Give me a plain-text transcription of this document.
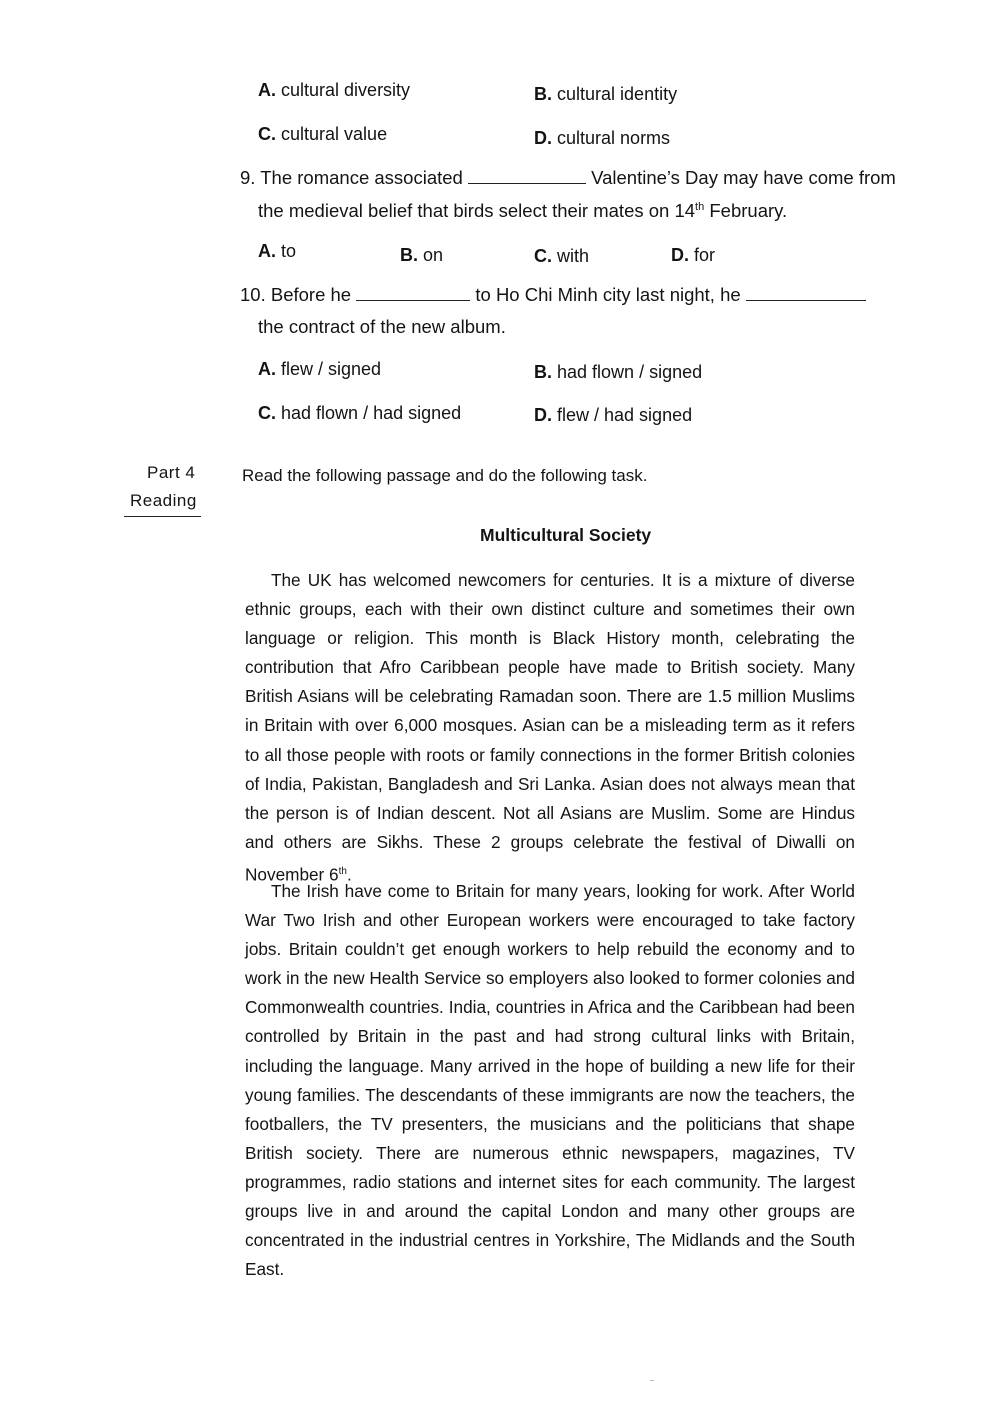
A. cultural diversity	B. cultural identity
C. cultural value	D. cultural norms
9. The romance associated	Valentine’s Day may have come from
the medieval belief that birds select their mates on 14th February.
A. to	B. on	C. with	D. for
10. Before he	to Ho Chi Minh city last night, he
the contract of the new album.
A. flew / signed	B. had flown / signed
C. had flown / had signed	D. flew / had signed
Part 4
Reading
Read the following passage and do the following task.
Multicultural Society
The UK has welcomed newcomers for centuries. It is a mixture of diverse ethnic groups, each with their own distinct culture and sometimes their own language or religion. This month is Black History month, celebrating the contribution that Afro Caribbean people have made to British society. Many British Asians will be celebrating Ramadan soon. There are 1.5 million Muslims in Britain with over 6,000 mosques. Asian can be a misleading term as it refers to all those people with roots or family connections in the former British colonies of India, Pakistan, Bangladesh and Sri Lanka. Asian does not always mean that the person is of Indian descent. Not all Asians are Muslim. Some are Hindus and others are Sikhs. These 2 groups celebrate the festival of Diwalli on November 6th.
The Irish have come to Britain for many years, looking for work. After World War Two Irish and other European workers were encouraged to take factory jobs. Britain couldn’t get enough workers to help rebuild the economy and to work in the new Health Service so employers also looked to former colonies and Commonwealth countries. India, countries in Africa and the Caribbean had been controlled by Britain in the past and had strong cultural links with Britain, including the language. Many arrived in the hope of building a new life for their young families. The descendants of these immigrants are now the teachers, the footballers, the TV presenters, the musicians and the politicians that shape British society. There are numerous ethnic newspapers, magazines, TV programmes, radio stations and internet sites for each community. The largest groups live in and around the capital London and many other groups are concentrated in the industrial centres in Yorkshire, The Midlands and the South East.
